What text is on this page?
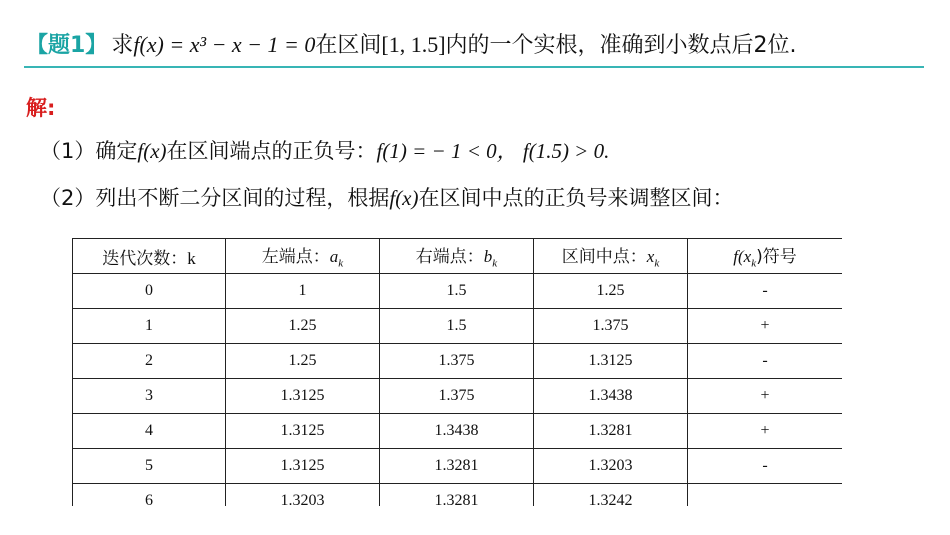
【题1】 求f(x) = x³ − x − 1 = 0在区间[1, 1.5]内的一个实根，准确到小数点后2位.
解:
（1）确定f(x)在区间端点的正负号：f(1) = − 1 < 0， f(1.5) > 0.
（2）列出不断二分区间的过程，根据f(x)在区间中点的正负号来调整区间：
迭代次数：k	左端点：$a_k$	右端点：$b_k$	区间中点：$x_k$	$f(x_k)$符号
0	1	1.5	1.25	-
1	1.25	1.5	1.375	+
2	1.25	1.375	1.3125	-
3	1.3125	1.375	1.3438	+
4	1.3125	1.3438	1.3281	+
5	1.3125	1.3281	1.3203	-
6	1.3203	1.3281	1.3242	
